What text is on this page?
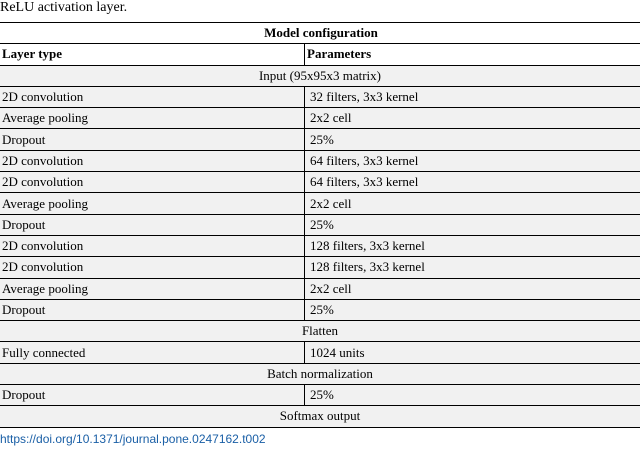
ReLU activation layer.
Model configuration	
Layer type	Parameters
Input (95x95x3 matrix)	
2D convolution	32 filters, 3x3 kernel
Average pooling	2x2 cell
Dropout	25%
2D convolution	64 filters, 3x3 kernel
2D convolution	64 filters, 3x3 kernel
Average pooling	2x2 cell
Dropout	25%
2D convolution	128 filters, 3x3 kernel
2D convolution	128 filters, 3x3 kernel
Average pooling	2x2 cell
Dropout	25%
Flatten	
Fully connected	1024 units
Batch normalization	
Dropout	25%
Softmax output	
https://doi.org/10.1371/journal.pone.0247162.t002
